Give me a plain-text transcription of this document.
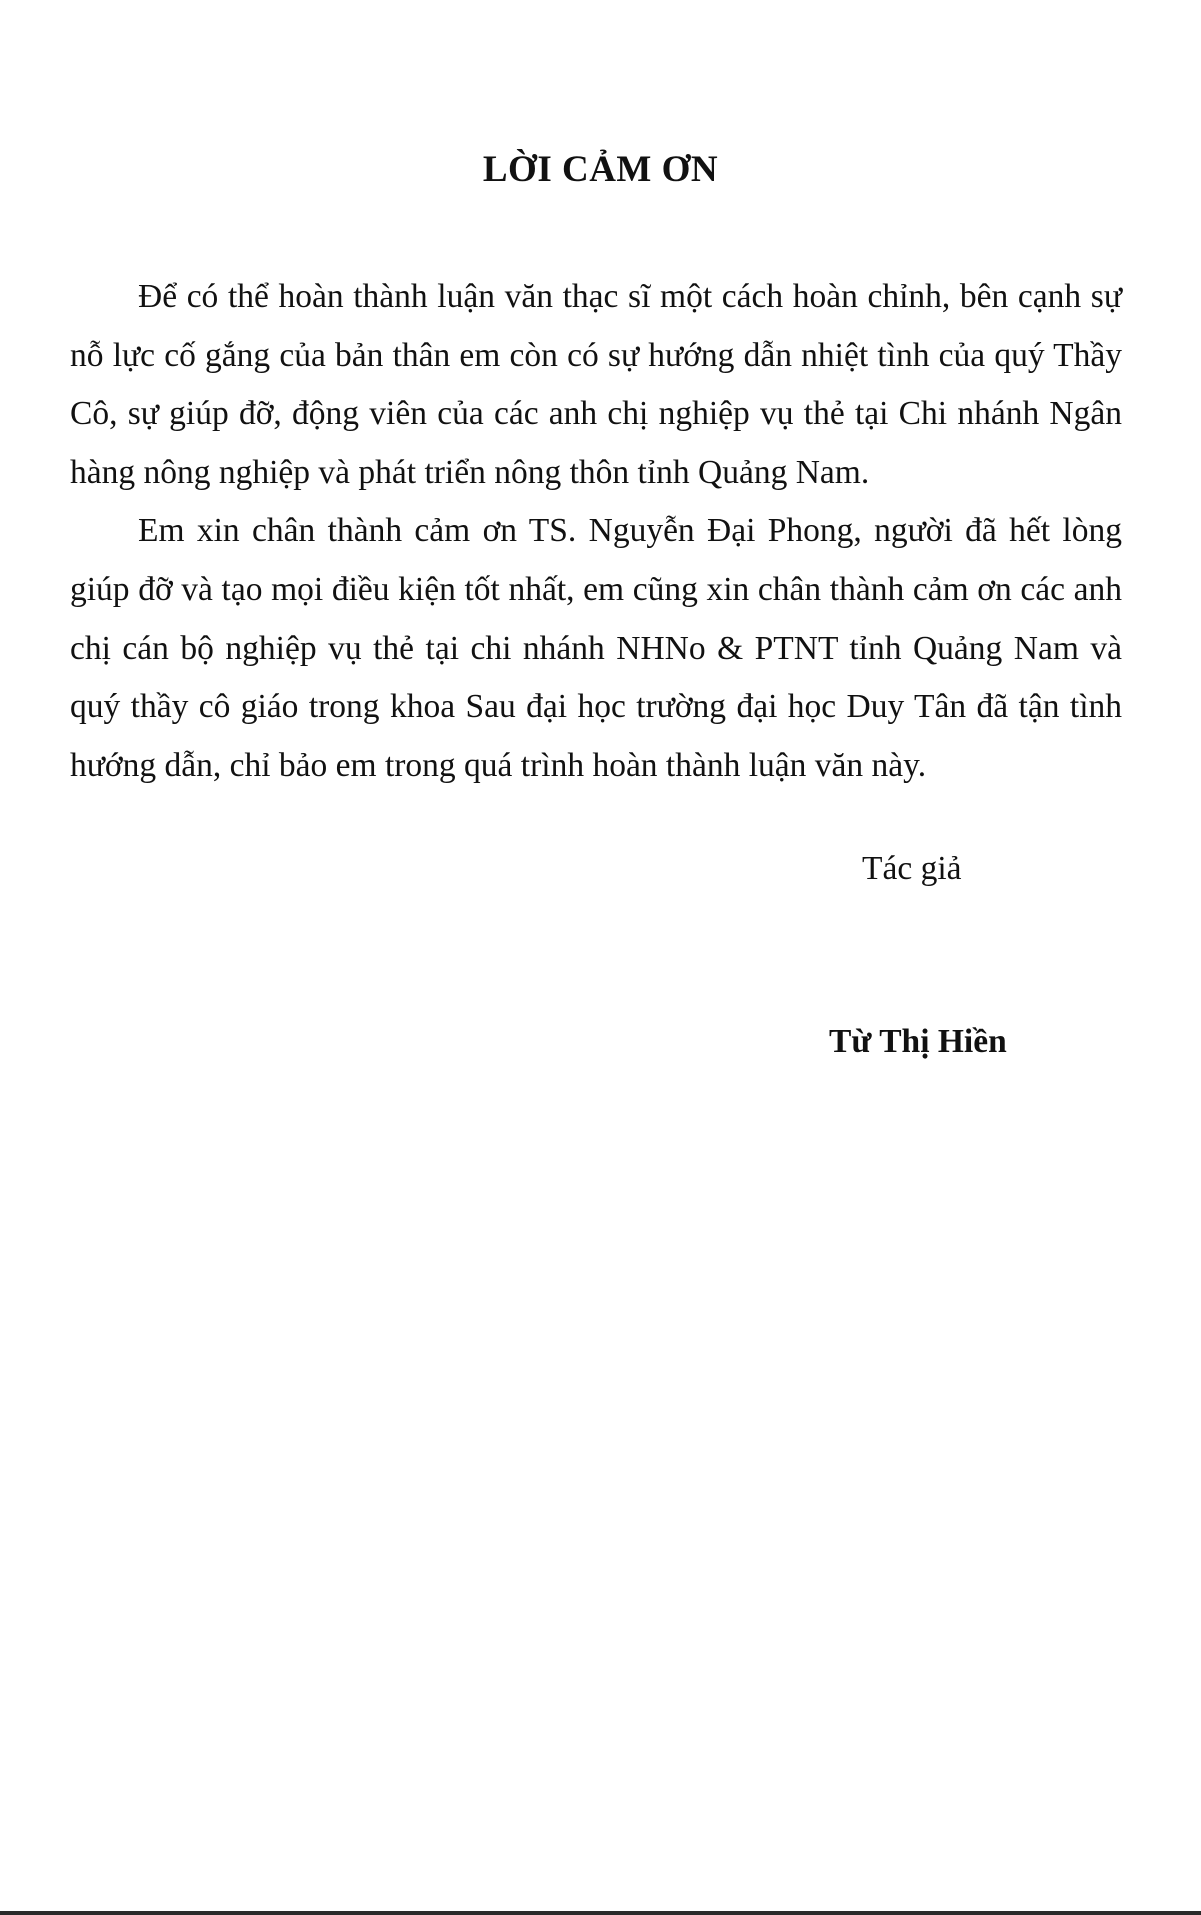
LỜI CẢM ƠN

Để có thể hoàn thành luận văn thạc sĩ một cách hoàn chỉnh, bên cạnh sự nỗ lực cố gắng của bản thân em còn có sự hướng dẫn nhiệt tình của quý Thầy Cô, sự giúp đỡ, động viên của các anh chị nghiệp vụ thẻ tại Chi nhánh Ngân hàng nông nghiệp và phát triển nông thôn tỉnh Quảng Nam.

Em xin chân thành cảm ơn TS. Nguyễn Đại Phong, người đã hết lòng giúp đỡ và tạo mọi điều kiện tốt nhất, em cũng xin chân thành cảm ơn các anh chị cán bộ nghiệp vụ thẻ tại chi nhánh NHNo & PTNT tỉnh Quảng Nam và quý thầy cô giáo trong khoa Sau đại học trường đại học Duy Tân đã tận tình hướng dẫn, chỉ bảo em trong quá trình hoàn thành luận văn này.

Tác giả

Từ Thị Hiền
